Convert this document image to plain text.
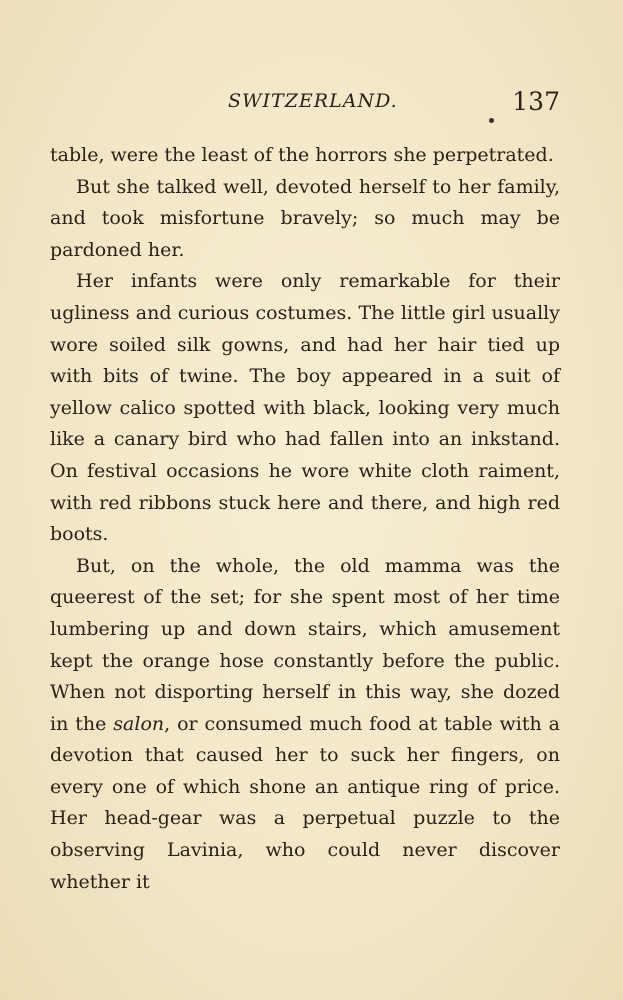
SWITZERLAND.	137

table, were the least of the horrors she perpetrated.

But she talked well, devoted herself to her family, and took misfortune bravely; so much may be pardoned her.

Her infants were only remarkable for their ugliness and curious costumes. The little girl usually wore soiled silk gowns, and had her hair tied up with bits of twine. The boy appeared in a suit of yellow calico spotted with black, looking very much like a canary bird who had fallen into an inkstand. On festival occasions he wore white cloth raiment, with red ribbons stuck here and there, and high red boots.

But, on the whole, the old mamma was the queerest of the set; for she spent most of her time lumbering up and down stairs, which amusement kept the orange hose constantly before the public. When not disporting herself in this way, she dozed in the salon, or consumed much food at table with a devotion that caused her to suck her fingers, on every one of which shone an antique ring of price. Her head-gear was a perpetual puzzle to the observing Lavinia, who could never discover whether it
